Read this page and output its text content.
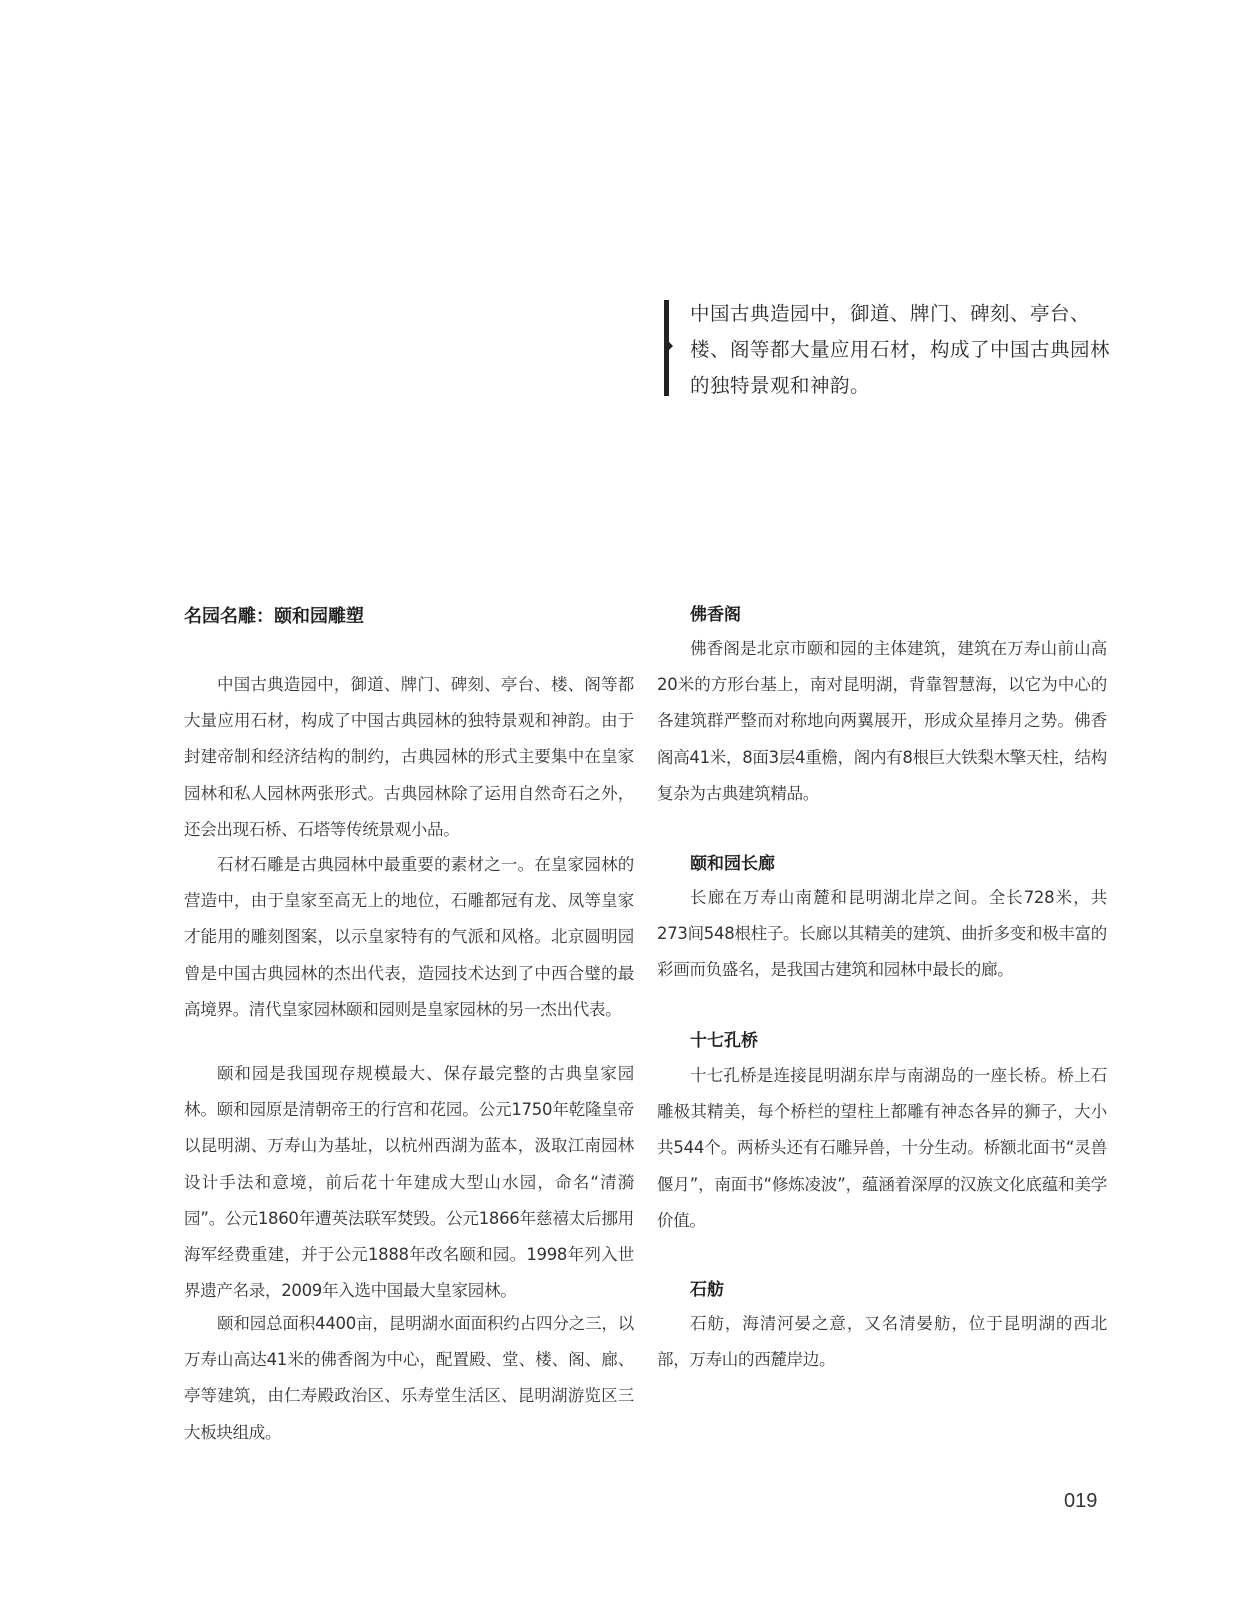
中国古典造园中，御道、牌门、碑刻、亭台、楼、阁等都大量应用石材，构成了中国古典园林的独特景观和神韵。

名园名雕：颐和园雕塑

中国古典造园中，御道、牌门、碑刻、亭台、楼、阁等都大量应用石材，构成了中国古典园林的独特景观和神韵。由于封建帝制和经济结构的制约，古典园林的形式主要集中在皇家园林和私人园林两张形式。古典园林除了运用自然奇石之外，还会出现石桥、石塔等传统景观小品。

石材石雕是古典园林中最重要的素材之一。在皇家园林的营造中，由于皇家至高无上的地位，石雕都冠有龙、凤等皇家才能用的雕刻图案，以示皇家特有的气派和风格。北京圆明园曾是中国古典园林的杰出代表，造园技术达到了中西合璧的最高境界。清代皇家园林颐和园则是皇家园林的另一杰出代表。

颐和园是我国现存规模最大、保存最完整的古典皇家园林。颐和园原是清朝帝王的行宫和花园。公元1750年乾隆皇帝以昆明湖、万寿山为基址，以杭州西湖为蓝本，汲取江南园林设计手法和意境，前后花十年建成大型山水园，命名“清漪园”。公元1860年遭英法联军焚毁。公元1866年慈禧太后挪用海军经费重建，并于公元1888年改名颐和园。1998年列入世界遗产名录，2009年入选中国最大皇家园林。

颐和园总面积4400亩，昆明湖水面面积约占四分之三，以万寿山高达41米的佛香阁为中心，配置殿、堂、楼、阁、廊、亭等建筑，由仁寿殿政治区、乐寿堂生活区、昆明湖游览区三大板块组成。

佛香阁

佛香阁是北京市颐和园的主体建筑，建筑在万寿山前山高20米的方形台基上，南对昆明湖，背靠智慧海，以它为中心的各建筑群严整而对称地向两翼展开，形成众星捧月之势。佛香阁高41米，8面3层4重檐，阁内有8根巨大铁梨木擎天柱，结构复杂为古典建筑精品。

颐和园长廊

长廊在万寿山南麓和昆明湖北岸之间。全长728米，共273间548根柱子。长廊以其精美的建筑、曲折多变和极丰富的彩画而负盛名，是我国古建筑和园林中最长的廊。

十七孔桥

十七孔桥是连接昆明湖东岸与南湖岛的一座长桥。桥上石雕极其精美，每个桥栏的望柱上都雕有神态各异的狮子，大小共544个。两桥头还有石雕异兽，十分生动。桥额北面书“灵兽偃月”，南面书“修炼凌波”，蕴涵着深厚的汉族文化底蕴和美学价值。

石舫

石舫，海清河晏之意，又名清晏舫，位于昆明湖的西北部，万寿山的西麓岸边。

019
